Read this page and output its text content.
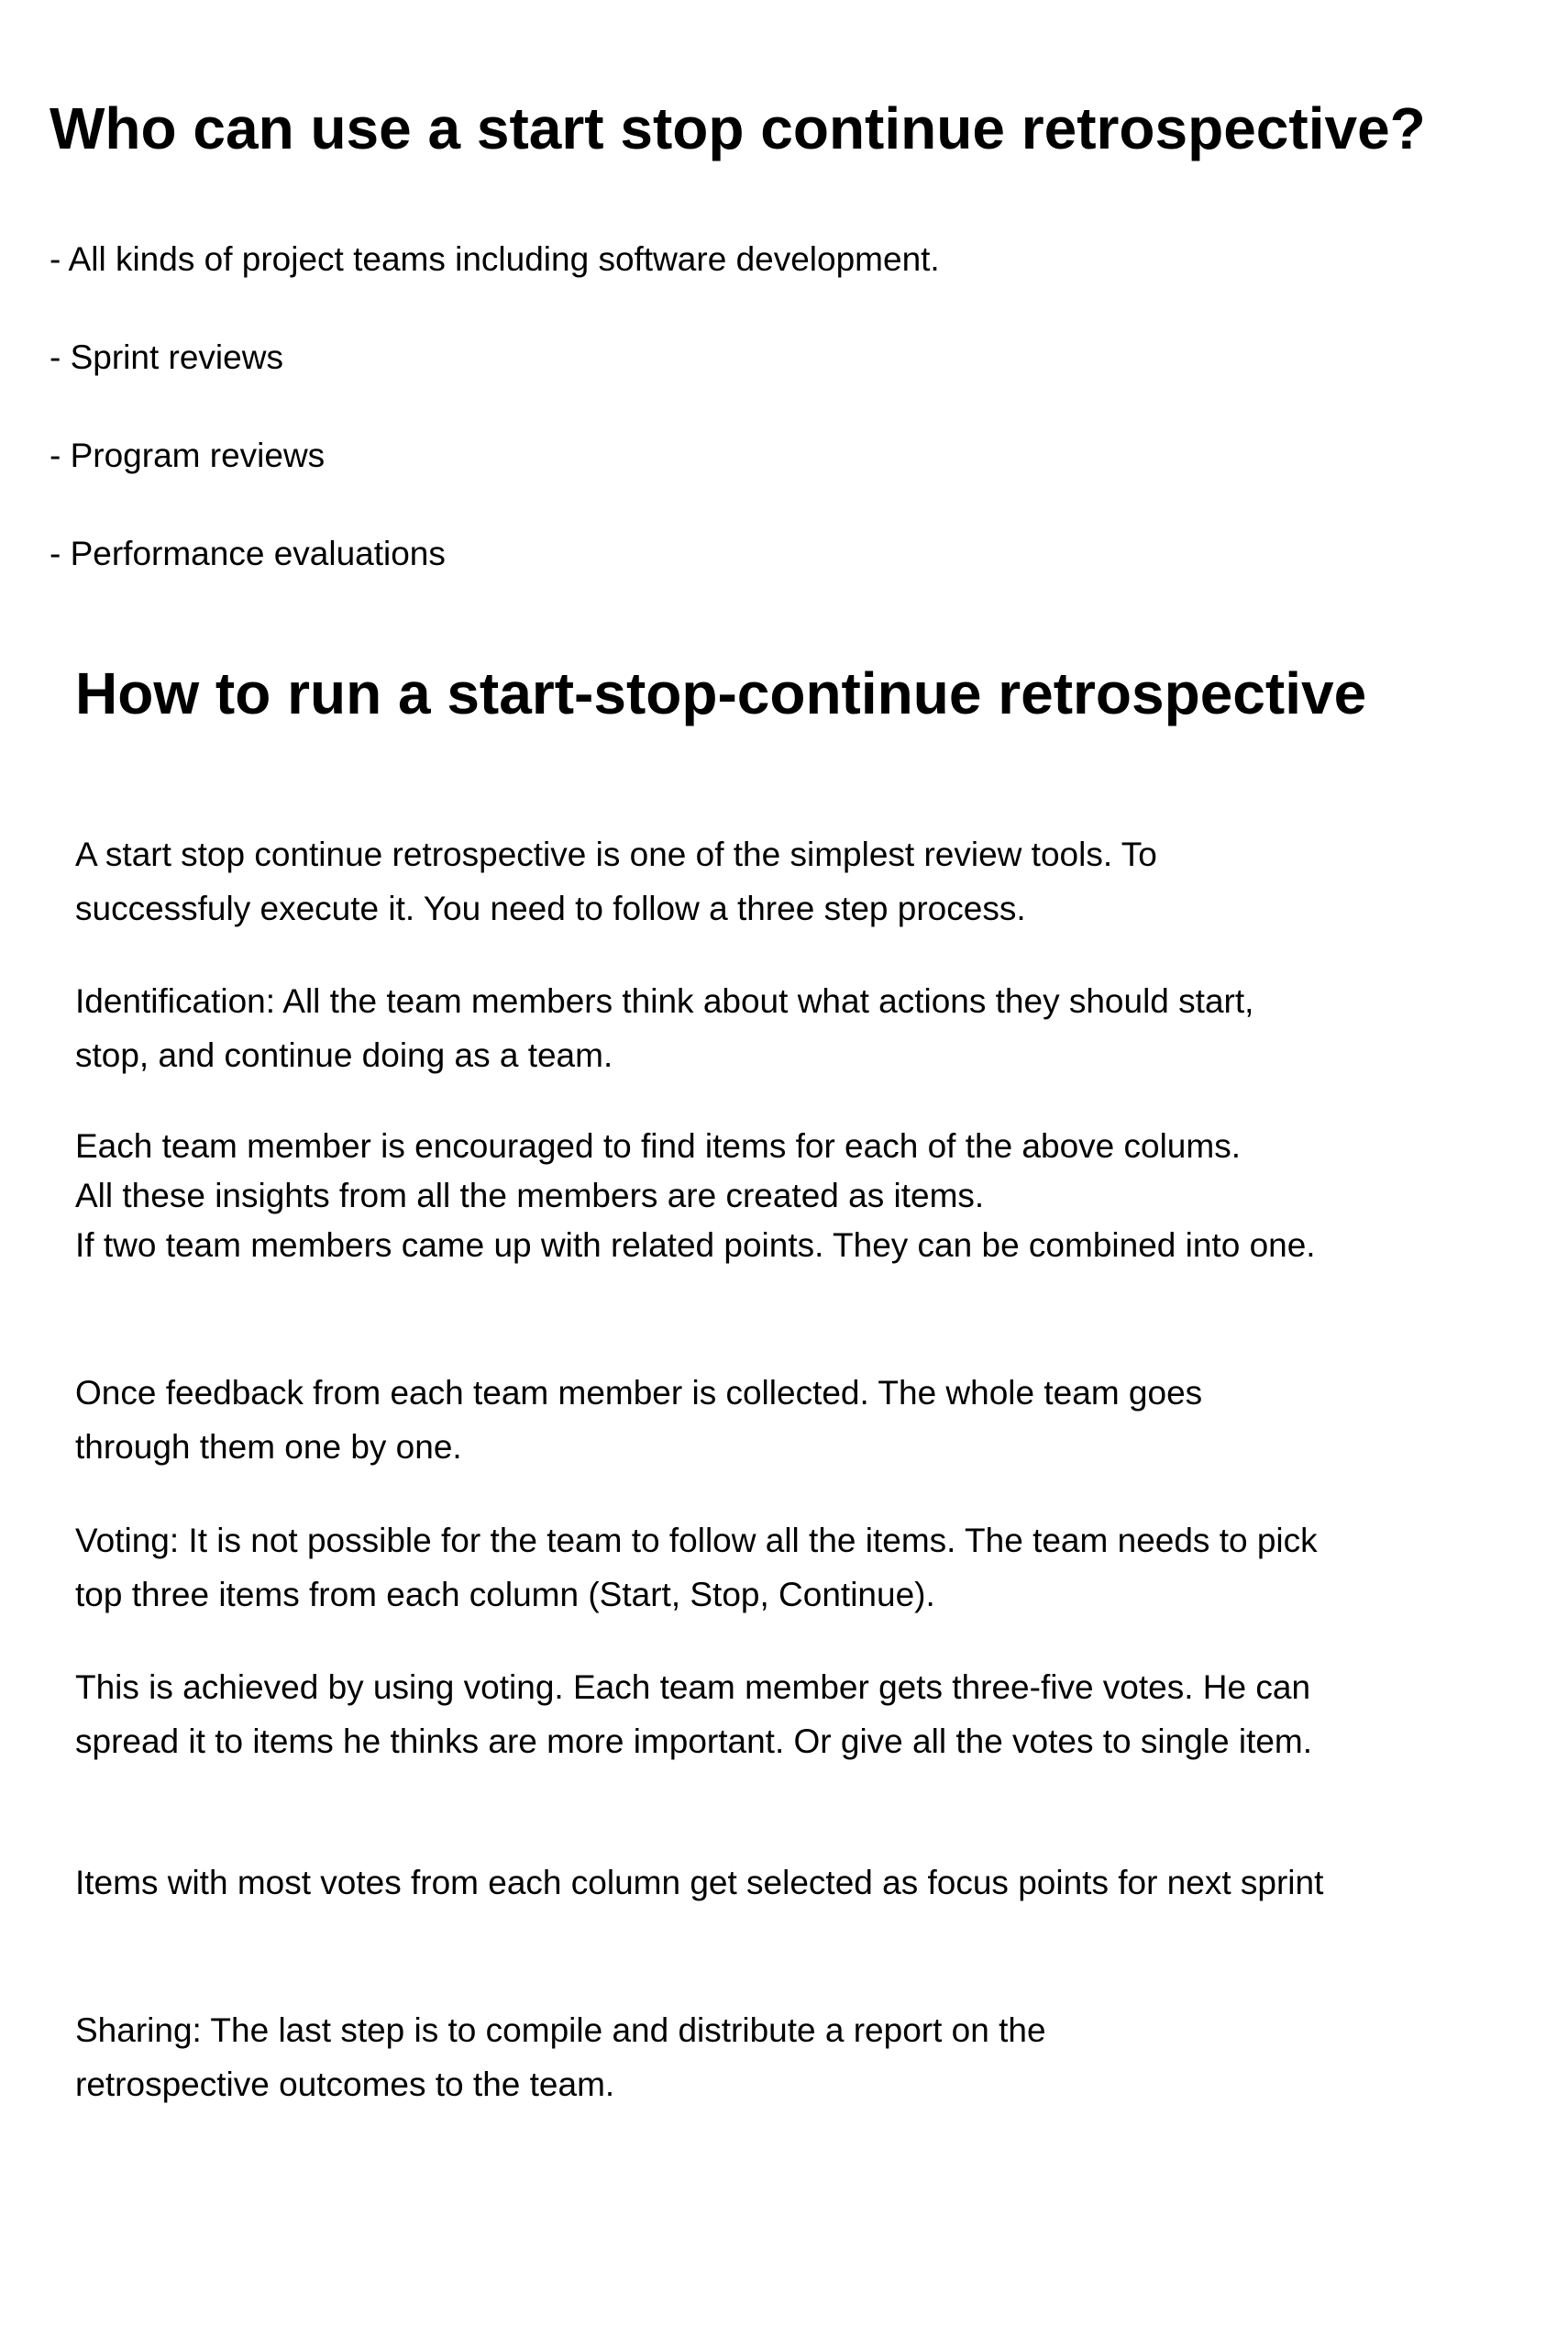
Who can use a start stop continue retrospective?

- All kinds of project teams including software development.

- Sprint reviews

- Program reviews

- Performance evaluations

How to run a start-stop-continue retrospective

A start stop continue retrospective is one of the simplest review tools. To
successfuly execute it. You need to follow a three step process.

Identification: All the team members think about what actions they should start,
stop, and continue doing as a team.

Each team member is encouraged to find items for each of the above colums.
All these insights from all the members are created as items.
If two team members came up with related points. They can be combined into one.

Once feedback from each team member is collected. The whole team goes
through them one by one.

Voting: It is not possible for the team to follow all the items. The team needs to pick
top three items from each column (Start, Stop, Continue).

This is achieved by using voting. Each team member gets three-five votes. He can
spread it to items he thinks are more important. Or give all the votes to single item.

Items with most votes from each column get selected as focus points for next sprint

Sharing: The last step is to compile and distribute a report on the
retrospective outcomes to the team.
